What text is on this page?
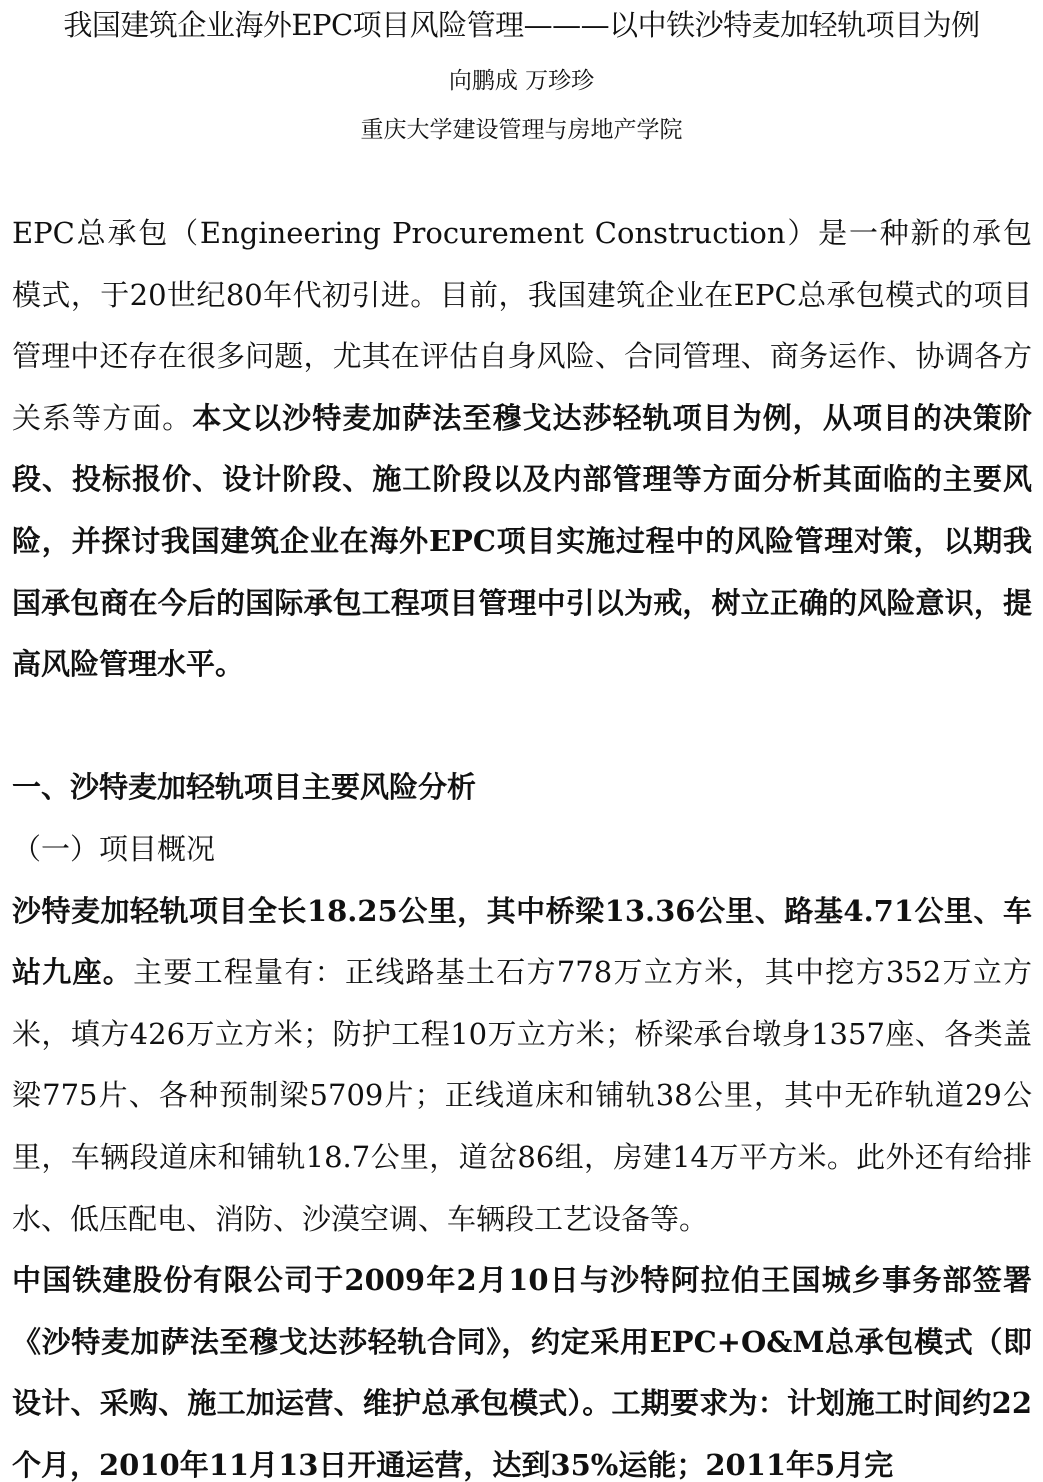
我国建筑企业海外EPC项目风险管理———以中铁沙特麦加轻轨项目为例
向鹏成 万珍珍
重庆大学建设管理与房地产学院

EPC总承包（Engineering Procurement Construction）是一种新的承包模式，于20世纪80年代初引进。目前，我国建筑企业在EPC总承包模式的项目管理中还存在很多问题，尤其在评估自身风险、合同管理、商务运作、协调各方关系等方面。本文以沙特麦加萨法至穆戈达莎轻轨项目为例，从项目的决策阶段、投标报价、设计阶段、施工阶段以及内部管理等方面分析其面临的主要风险，并探讨我国建筑企业在海外EPC项目实施过程中的风险管理对策，以期我国承包商在今后的国际承包工程项目管理中引以为戒，树立正确的风险意识，提高风险管理水平。

一、沙特麦加轻轨项目主要风险分析

（一）项目概况

沙特麦加轻轨项目全长18.25公里，其中桥梁13.36公里、路基4.71公里、车站九座。主要工程量有：正线路基土石方778万立方米，其中挖方352万立方米，填方426万立方米；防护工程10万立方米；桥梁承台墩身1357座、各类盖梁775片、各种预制梁5709片；正线道床和铺轨38公里，其中无砟轨道29公里，车辆段道床和铺轨18.7公里，道岔86组，房建14万平方米。此外还有给排水、低压配电、消防、沙漠空调、车辆段工艺设备等。

中国铁建股份有限公司于2009年2月10日与沙特阿拉伯王国城乡事务部签署《沙特麦加萨法至穆戈达莎轻轨合同》，约定采用EPC+O&M总承包模式（即设计、采购、施工加运营、维护总承包模式）。工期要求为：计划施工时间约22个月，2010年11月13日开通运营，达到35%运能；2011年5月完
